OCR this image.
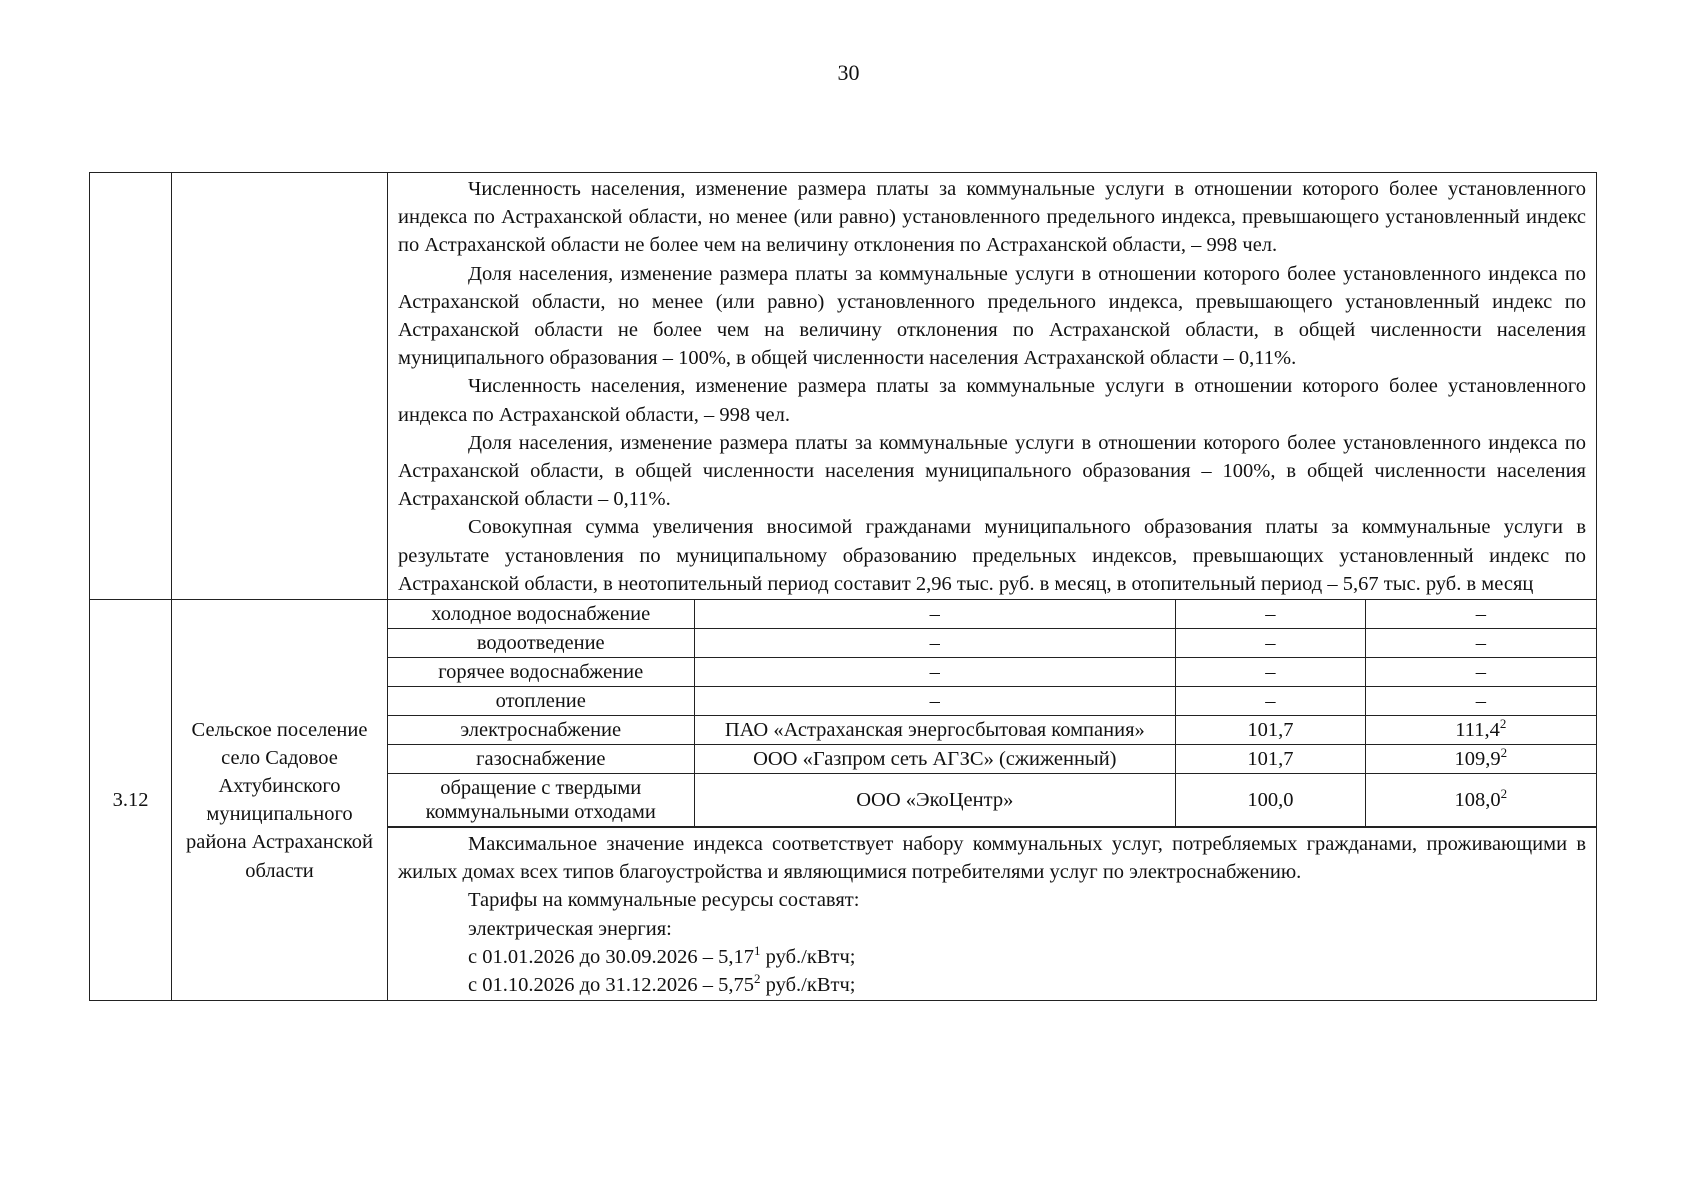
30

Численность населения, изменение размера платы за коммунальные услуги в отношении которого более установленного индекса по Астраханской области, но менее (или равно) установленного предельного индекса, превышающего установленный индекс по Астраханской области не более чем на величину отклонения по Астраханской области, – 998 чел.

Доля населения, изменение размера платы за коммунальные услуги в отношении которого более установленного индекса по Астраханской области, но менее (или равно) установленного предельного индекса, превышающего установленный индекс по Астраханской области не более чем на величину отклонения по Астраханской области, в общей численности населения муниципального образования – 100%, в общей численности населения Астраханской области – 0,11%.

Численность населения, изменение размера платы за коммунальные услуги в отношении которого более установленного индекса по Астраханской области, – 998 чел.

Доля населения, изменение размера платы за коммунальные услуги в отношении которого более установленного индекса по Астраханской области, в общей численности населения муниципального образования – 100%, в общей численности населения Астраханской области – 0,11%.

Совокупная сумма увеличения вносимой гражданами муниципального образования платы за коммунальные услуги в результате установления по муниципальному образованию предельных индексов, превышающих установленный индекс по Астраханской области, в неотопительный период составит 2,96 тыс. руб. в месяц, в отопительный период – 5,67 тыс. руб. в месяц

3.12	Сельское поселение село Садовое Ахтубинского муниципального района Астраханской области	
холодное водоснабжение	–	–	–
водоотведение	–	–	–
горячее водоснабжение	–	–	–
отопление	–	–	–
электроснабжение	ПАО «Астраханская энергосбытовая компания»	101,7	111,4$^2$
газоснабжение	ООО «Газпром сеть АГЗС» (сжиженный)	101,7	109,9$^2$
обращение с твердыми коммунальными отходами	ООО «ЭкоЦентр»	100,0	108,0$^2$

Максимальное значение индекса соответствует набору коммунальных услуг, потребляемых гражданами, проживающими в жилых домах всех типов благоустройства и являющимися потребителями услуг по электроснабжению.

Тарифы на коммунальные ресурсы составят:

электрическая энергия:

с 01.01.2026 до 30.09.2026 – 5,17$^1$ руб./кВтч;

с 01.10.2026 до 31.12.2026 – 5,75$^2$ руб./кВтч;
